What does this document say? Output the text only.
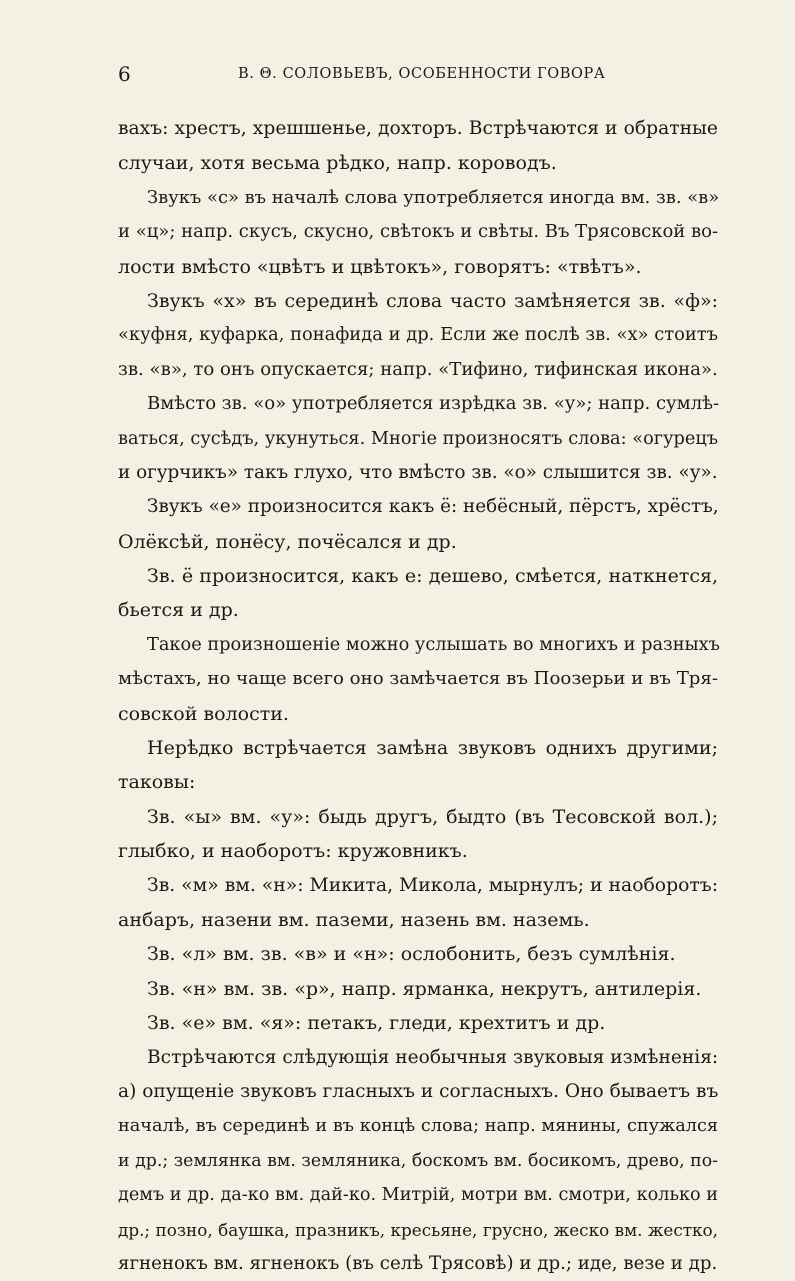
6	В. Θ. СОЛОВЬЕВЪ, ОСОБЕННОСТИ ГОВОРА
вахъ: хрестъ, хрешшенье, дохторъ. Встрѣчаются и обратные
случаи, хотя весьма рѣдко, напр. короводъ.
Звукъ «с» въ началѣ слова употребляется иногда вм. зв. «в»
и «ц»; напр. скусъ, скусно, свѣтокъ и свѣты. Въ Трясовской во-
лости вмѣсто «цвѣтъ и цвѣтокъ», говорятъ: «твѣтъ».
Звукъ «х» въ серединѣ слова часто замѣняется зв. «ф»:
«куфня, куфарка, понафида и др. Если же послѣ зв. «х» стоитъ
зв. «в», то онъ опускается; напр. «Тифино, тифинская икона».
Вмѣсто зв. «о» употребляется изрѣдка зв. «у»; напр. сумлѣ-
ваться, сусѣдъ, укунуться. Многіе произносятъ слова: «огурецъ
и огурчикъ» такъ глухо, что вмѣсто зв. «о» слышится зв. «у».
Звукъ «е» произносится какъ ё: небёсный, пёрстъ, хрёстъ,
Олёксѣй, понёсу, почёсался и др.
Зв. ё произносится, какъ е: дешево, смѣется, наткнется,
бьется и др.
Такое произношеніе можно услышать во многихъ и разныхъ
мѣстахъ, но чаще всего оно замѣчается въ Поозерьи и въ Тря-
совской волости.
Нерѣдко встрѣчается замѣна звуковъ однихъ другими;
таковы:
Зв. «ы» вм. «у»: быдь другъ, быдто (въ Тесовской вол.);
глыбко, и наоборотъ: кружовникъ.
Зв. «м» вм. «н»: Микита, Микола, мырнулъ; и наоборотъ:
анбаръ, назени вм. паземи, назень вм. наземь.
Зв. «л» вм. зв. «в» и «н»: ослобонить, безъ сумлѣнія.
Зв. «н» вм. зв. «р», напр. ярманка, некрутъ, антилерія.
Зв. «е» вм. «я»: петакъ, гледи, крехтитъ и др.
Встрѣчаются слѣдующія необычныя звуковыя измѣненія:
а) опущеніе звуковъ гласныхъ и согласныхъ. Оно бываетъ въ
началѣ, въ серединѣ и въ концѣ слова; напр. мянины, спужался
и др.; землянка вм. земляника, боскомъ вм. босикомъ, древо, по-
демъ и др. да-ко вм. дай-ко. Митрій, мотри вм. смотри, колько и
др.; позно, баушка, празникъ, кресьяне, грусно, жеско вм. жестко,
ягненокъ вм. ягненокъ (въ селѣ Трясовѣ) и др.; иде, везе и др.
